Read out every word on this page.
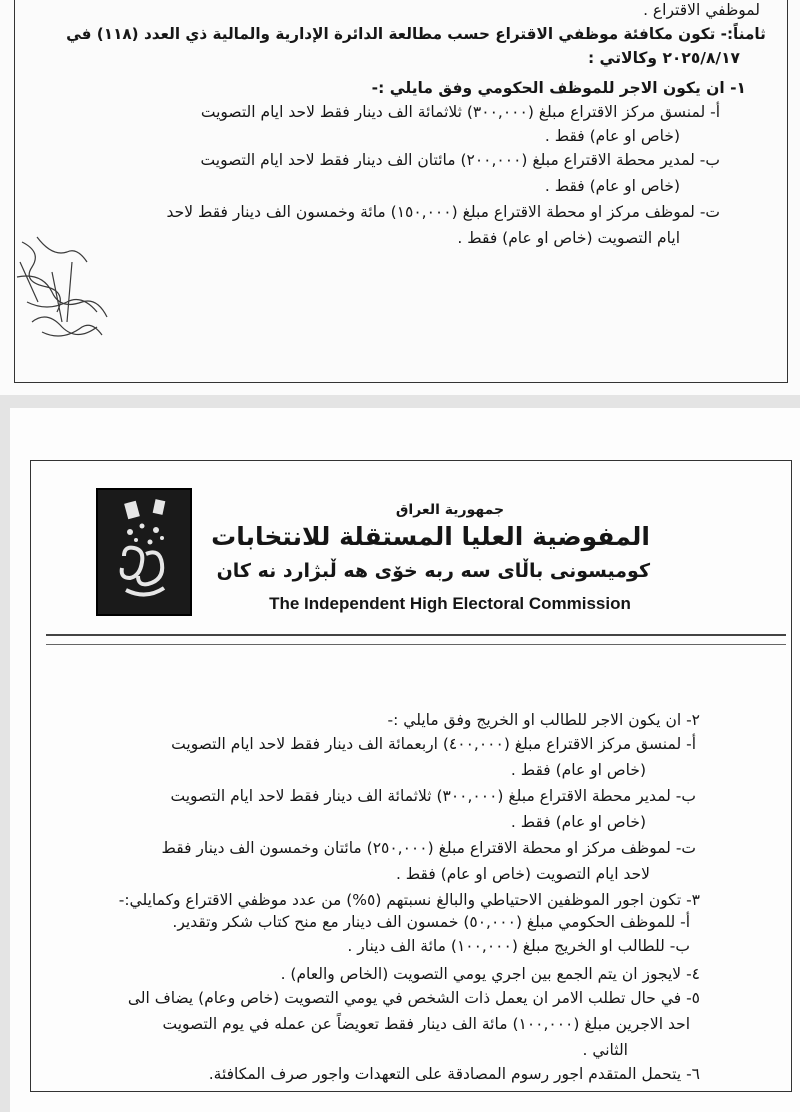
لموظفي الاقتراع .
ثامناً:- تكون مكافئة موظفي الاقتراع حسب مطالعة الدائرة الإدارية والمالية ذي العدد (١١٨) في
٢٠٢٥/٨/١٧ وكالاتي :
١- ان يكون الاجر للموظف الحكومي وفق مايلي :-
أ- لمنسق مركز الاقتراع مبلغ (٣٠٠,٠٠٠) ثلاثمائة الف دينار فقط لاحد ايام التصويت
(خاص او عام) فقط .
ب- لمدير محطة الاقتراع مبلغ (٢٠٠,٠٠٠) مائتان الف دينار فقط لاحد ايام التصويت
(خاص او عام) فقط .
ت- لموظف مركز او محطة الاقتراع مبلغ (١٥٠,٠٠٠) مائة وخمسون الف دينار فقط لاحد
ايام التصويت (خاص او عام) فقط .
جمهورية العراق
المفوضية العليا المستقلة للانتخابات
كوميسونی باڵای سه ربه خۆی هه ڵبژارد نه كان
The Independent High Electoral Commission
٢- ان يكون الاجر للطالب او الخريج وفق مايلي :-
أ- لمنسق مركز الاقتراع مبلغ (٤٠٠,٠٠٠) اربعمائة الف دينار فقط لاحد ايام التصويت
(خاص او عام) فقط .
ب- لمدير محطة الاقتراع مبلغ (٣٠٠,٠٠٠) ثلاثمائة الف دينار فقط لاحد ايام التصويت
(خاص او عام) فقط .
ت- لموظف مركز او محطة الاقتراع مبلغ (٢٥٠,٠٠٠) مائتان وخمسون الف دينار فقط
لاحد ايام التصويت (خاص او عام) فقط .
٣- تكون اجور الموظفين الاحتياطي والبالغ نسبتهم (٥%) من عدد موظفي الاقتراع وكمايلي:-
أ- للموظف الحكومي مبلغ (٥٠,٠٠٠) خمسون الف دينار مع منح كتاب شكر وتقدير.
ب- للطالب او الخريج مبلغ (١٠٠,٠٠٠) مائة الف دينار .
٤- لايجوز ان يتم الجمع بين اجري يومي التصويت (الخاص والعام) .
٥- في حال تطلب الامر ان يعمل ذات الشخص في يومي التصويت (خاص وعام) يضاف الى
احد الاجرين مبلغ (١٠٠,٠٠٠) مائة الف دينار فقط تعويضاً عن عمله في يوم التصويت
الثاني .
٦- يتحمل المتقدم اجور رسوم المصادقة على التعهدات واجور صرف المكافئة.
